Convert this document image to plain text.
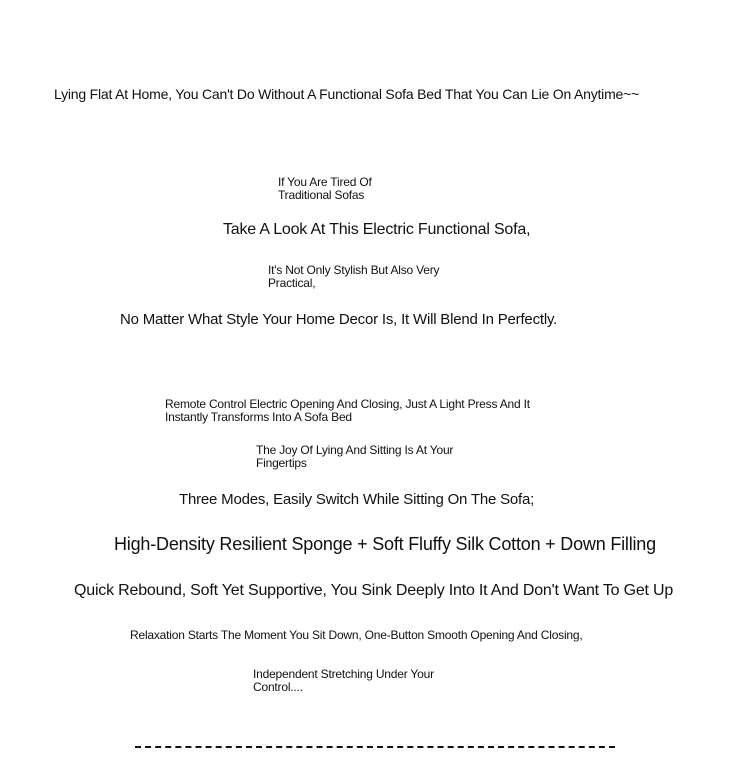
Lying Flat At Home, You Can't Do Without A Functional Sofa Bed That You Can Lie On Anytime~~

If You Are Tired Of Traditional Sofas

Take A Look At This Electric Functional Sofa,

It's Not Only Stylish But Also Very Practical,

No Matter What Style Your Home Decor Is, It Will Blend In Perfectly.

Remote Control Electric Opening And Closing, Just A Light Press And It Instantly Transforms Into A Sofa Bed

The Joy Of Lying And Sitting Is At Your Fingertips

Three Modes, Easily Switch While Sitting On The Sofa;

High-Density Resilient Sponge + Soft Fluffy Silk Cotton + Down Filling

Quick Rebound, Soft Yet Supportive, You Sink Deeply Into It And Don't Want To Get Up

Relaxation Starts The Moment You Sit Down, One-Button Smooth Opening And Closing,

Independent Stretching Under Your Control....
